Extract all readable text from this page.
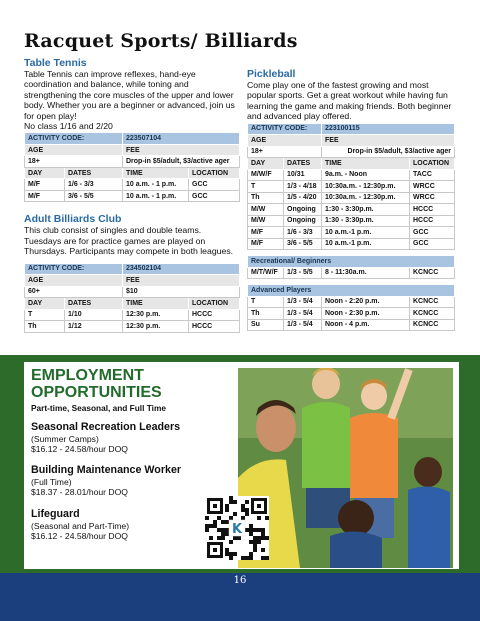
Racquet Sports/ Billiards
Table Tennis
Table Tennis can improve reflexes, hand-eye coordination and balance, while toning and strengthening the core muscles of the upper and lower body. Whether you are a beginner or advanced, join us for open play!
No class 1/16 and 2/20
ACTIVITY CODE:		223507104	
AGE		FEE	
18+		Drop-in $5/adult, $3/active ager	
DAY	DATES	TIME	LOCATION
M/F	1/6 - 3/3	10 a.m. - 1 p.m.	GCC
M/F	3/6 - 5/5	10 a.m. - 1 p.m.	GCC
Adult Billiards Club
This club consist of singles and double teams. Tuesdays are for practice games are played on Thursdays. Participants may compete in both leagues.
ACTIVITY CODE:		234502104	
AGE		FEE	
60+		$10	
DAY	DATES	TIME	LOCATION
T	1/10	12:30 p.m.	HCCC
Th	1/12	12:30 p.m.	HCCC
Pickleball
Come play one of the fastest growing and most popular sports. Get a great workout while having fun learning the game and making friends. Both beginner and advanced play offered.
ACTIVITY CODE:		223100115	
AGE		FEE	
18+		Drop-in $5/adult, $3/active ager	
DAY	DATES	TIME	LOCATION
M/W/F	10/31	9a.m. - Noon	TACC
T	1/3 - 4/18	10:30a.m. - 12:30p.m.	WRCC
Th	1/5 - 4/20	10:30a.m. - 12:30p.m.	WRCC
M/W	Ongoing	1:30 - 3:30p.m.	HCCC
M/W	Ongoing	1:30 - 3:30p.m.	HCCC
M/F	1/6 - 3/3	10 a.m.-1 p.m.	GCC
M/F	3/6 - 5/5	10 a.m.-1 p.m.	GCC
Recreational/ Beginners
M/T/W/F	1/3 - 5/5	8 - 11:30a.m.	KCNCC
Advanced Players			
T	1/3 - 5/4	Noon - 2:20 p.m.	KCNCC
Th	1/3 - 5/4	Noon - 2:30 p.m.	KCNCC
Su	1/3 - 5/4	Noon - 4 p.m.	KCNCC
EMPLOYMENT
OPPORTUNITIES
Part-time, Seasonal, and Full Time
Seasonal Recreation Leaders
(Summer Camps)
$16.12 - 24.58/hour DOQ
Building Maintenance Worker
(Full Time)
$18.37 - 28.01/hour DOQ
Lifeguard
(Seasonal and Part-Time)
$16.12 - 24.58/hour DOQ	K
16
